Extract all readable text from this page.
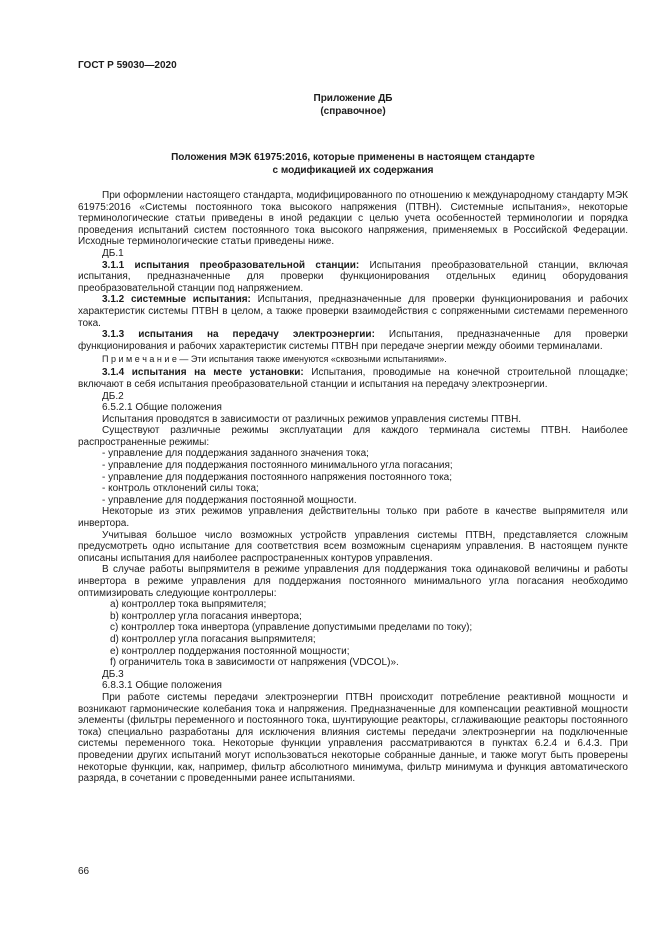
ГОСТ Р 59030—2020
Приложение ДБ
(справочное)
Положения МЭК 61975:2016, которые применены в настоящем стандарте
с модификацией их содержания

При оформлении настоящего стандарта, модифицированного по отношению к международному стандарту МЭК 61975:2016 «Системы постоянного тока высокого напряжения (ПТВН). Системные испытания», некоторые терминологические статьи приведены в иной редакции с целью учета особенностей терминологии и порядка проведения испытаний систем постоянного тока высокого напряжения, применяемых в Российской Федерации. Исходные терминологические статьи приведены ниже.

ДБ.1

3.1.1 испытания преобразовательной станции: Испытания преобразовательной станции, включая испытания, предназначенные для проверки функционирования отдельных единиц оборудования преобразовательной станции под напряжением.

3.1.2 системные испытания: Испытания, предназначенные для проверки функционирования и рабочих характеристик системы ПТВН в целом, а также проверки взаимодействия с сопряженными системами переменного тока.

3.1.3 испытания на передачу электроэнергии: Испытания, предназначенные для проверки функционирования и рабочих характеристик системы ПТВН при передаче энергии между обоими терминалами.

П р и м е ч а н и е — Эти испытания также именуются «сквозными испытаниями».

3.1.4 испытания на месте установки: Испытания, проводимые на конечной строительной площадке; включают в себя испытания преобразовательной станции и испытания на передачу электроэнергии.

ДБ.2

6.5.2.1 Общие положения

Испытания проводятся в зависимости от различных режимов управления системы ПТВН.

Существуют различные режимы эксплуатации для каждого терминала системы ПТВН. Наиболее распространенные режимы:

- управление для поддержания заданного значения тока;

- управление для поддержания постоянного минимального угла погасания;

- управление для поддержания постоянного напряжения постоянного тока;

- контроль отклонений силы тока;

- управление для поддержания постоянной мощности.

Некоторые из этих режимов управления действительны только при работе в качестве выпрямителя или инвертора.

Учитывая большое число возможных устройств управления системы ПТВН, представляется сложным предусмотреть одно испытание для соответствия всем возможным сценариям управления. В настоящем пункте описаны испытания для наиболее распространенных контуров управления.

В случае работы выпрямителя в режиме управления для поддержания тока одинаковой величины и работы инвертора в режиме управления для поддержания постоянного минимального угла погасания необходимо оптимизировать следующие контроллеры:

a) контроллер тока выпрямителя;

b) контроллер угла погасания инвертора;

c) контроллер тока инвертора (управление допустимыми пределами по току);

d) контроллер угла погасания выпрямителя;

e) контроллер поддержания постоянной мощности;

f) ограничитель тока в зависимости от напряжения (VDCOL)».

ДБ.3

6.8.3.1 Общие положения

При работе системы передачи электроэнергии ПТВН происходит потребление реактивной мощности и возникают гармонические колебания тока и напряжения. Предназначенные для компенсации реактивной мощности элементы (фильтры переменного и постоянного тока, шунтирующие реакторы, сглаживающие реакторы постоянного тока) специально разработаны для исключения влияния системы передачи электроэнергии на подключенные системы переменного тока. Некоторые функции управления рассматриваются в пунктах 6.2.4 и 6.4.3. При проведении других испытаний могут использоваться некоторые собранные данные, и также могут быть проверены некоторые функции, как, например, фильтр абсолютного минимума, фильтр минимума и функция автоматического разряда, в сочетании с проведенными ранее испытаниями.

66
